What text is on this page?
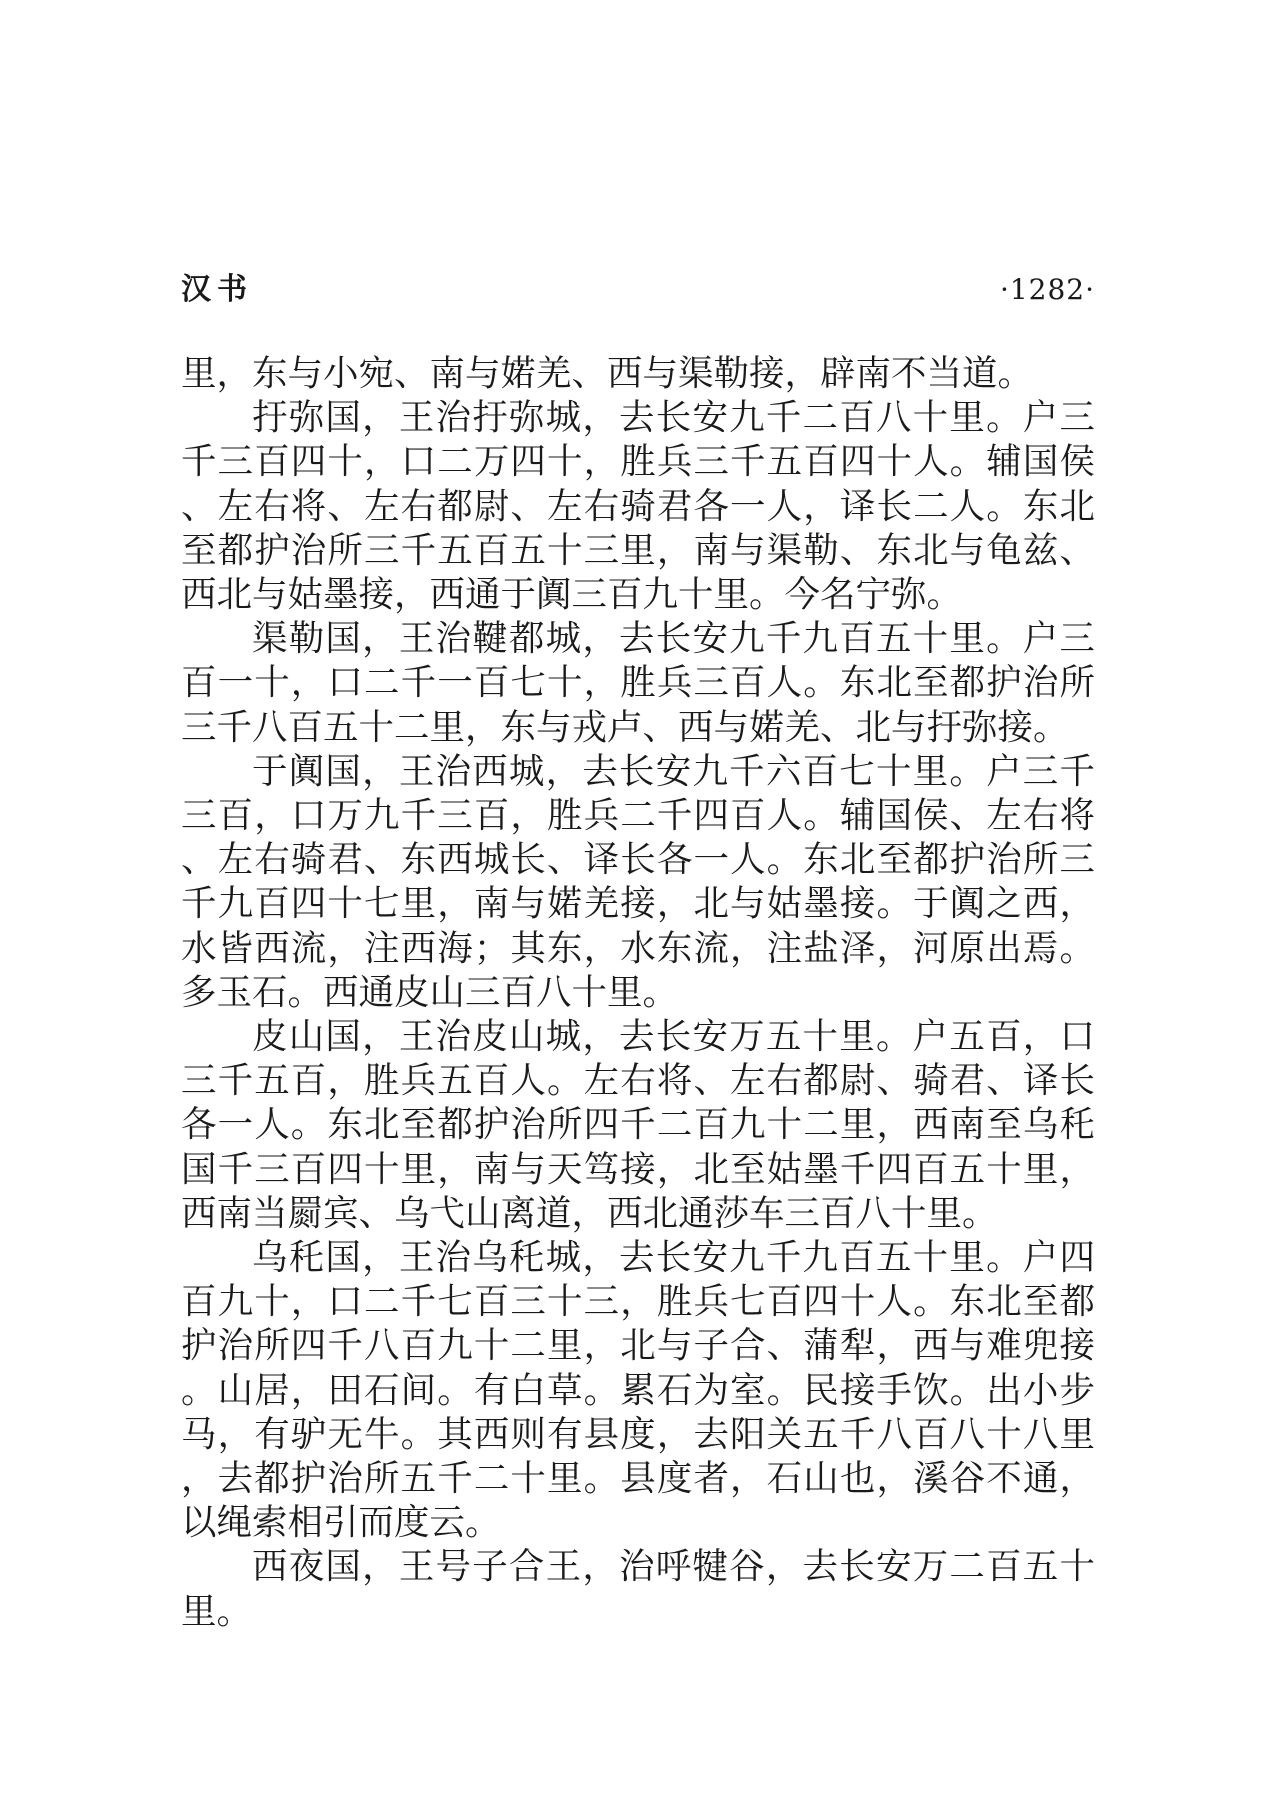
汉书	·1282·

里，东与小宛、南与婼羌、西与渠勒接，辟南不当道。

扜弥国，王治扜弥城，去长安九千二百八十里。户三千三百四十，口二万四十，胜兵三千五百四十人。辅国侯、左右将、左右都尉、左右骑君各一人，译长二人。东北至都护治所三千五百五十三里，南与渠勒、东北与龟兹、西北与姑墨接，西通于阗三百九十里。今名宁弥。

渠勒国，王治鞬都城，去长安九千九百五十里。户三百一十，口二千一百七十，胜兵三百人。东北至都护治所三千八百五十二里，东与戎卢、西与婼羌、北与扜弥接。

于阗国，王治西城，去长安九千六百七十里。户三千三百，口万九千三百，胜兵二千四百人。辅国侯、左右将、左右骑君、东西城长、译长各一人。东北至都护治所三千九百四十七里，南与婼羌接，北与姑墨接。于阗之西，水皆西流，注西海；其东，水东流，注盐泽，河原出焉。多玉石。西通皮山三百八十里。

皮山国，王治皮山城，去长安万五十里。户五百，口三千五百，胜兵五百人。左右将、左右都尉、骑君、译长各一人。东北至都护治所四千二百九十二里，西南至乌秅国千三百四十里，南与天笃接，北至姑墨千四百五十里，西南当罽宾、乌弋山离道，西北通莎车三百八十里。

乌秅国，王治乌秅城，去长安九千九百五十里。户四百九十，口二千七百三十三，胜兵七百四十人。东北至都护治所四千八百九十二里，北与子合、蒲犁，西与难兜接。山居，田石间。有白草。累石为室。民接手饮。出小步马，有驴无牛。其西则有县度，去阳关五千八百八十八里，去都护治所五千二十里。县度者，石山也，溪谷不通，以绳索相引而度云。

西夜国，王号子合王，治呼犍谷，去长安万二百五十里。
